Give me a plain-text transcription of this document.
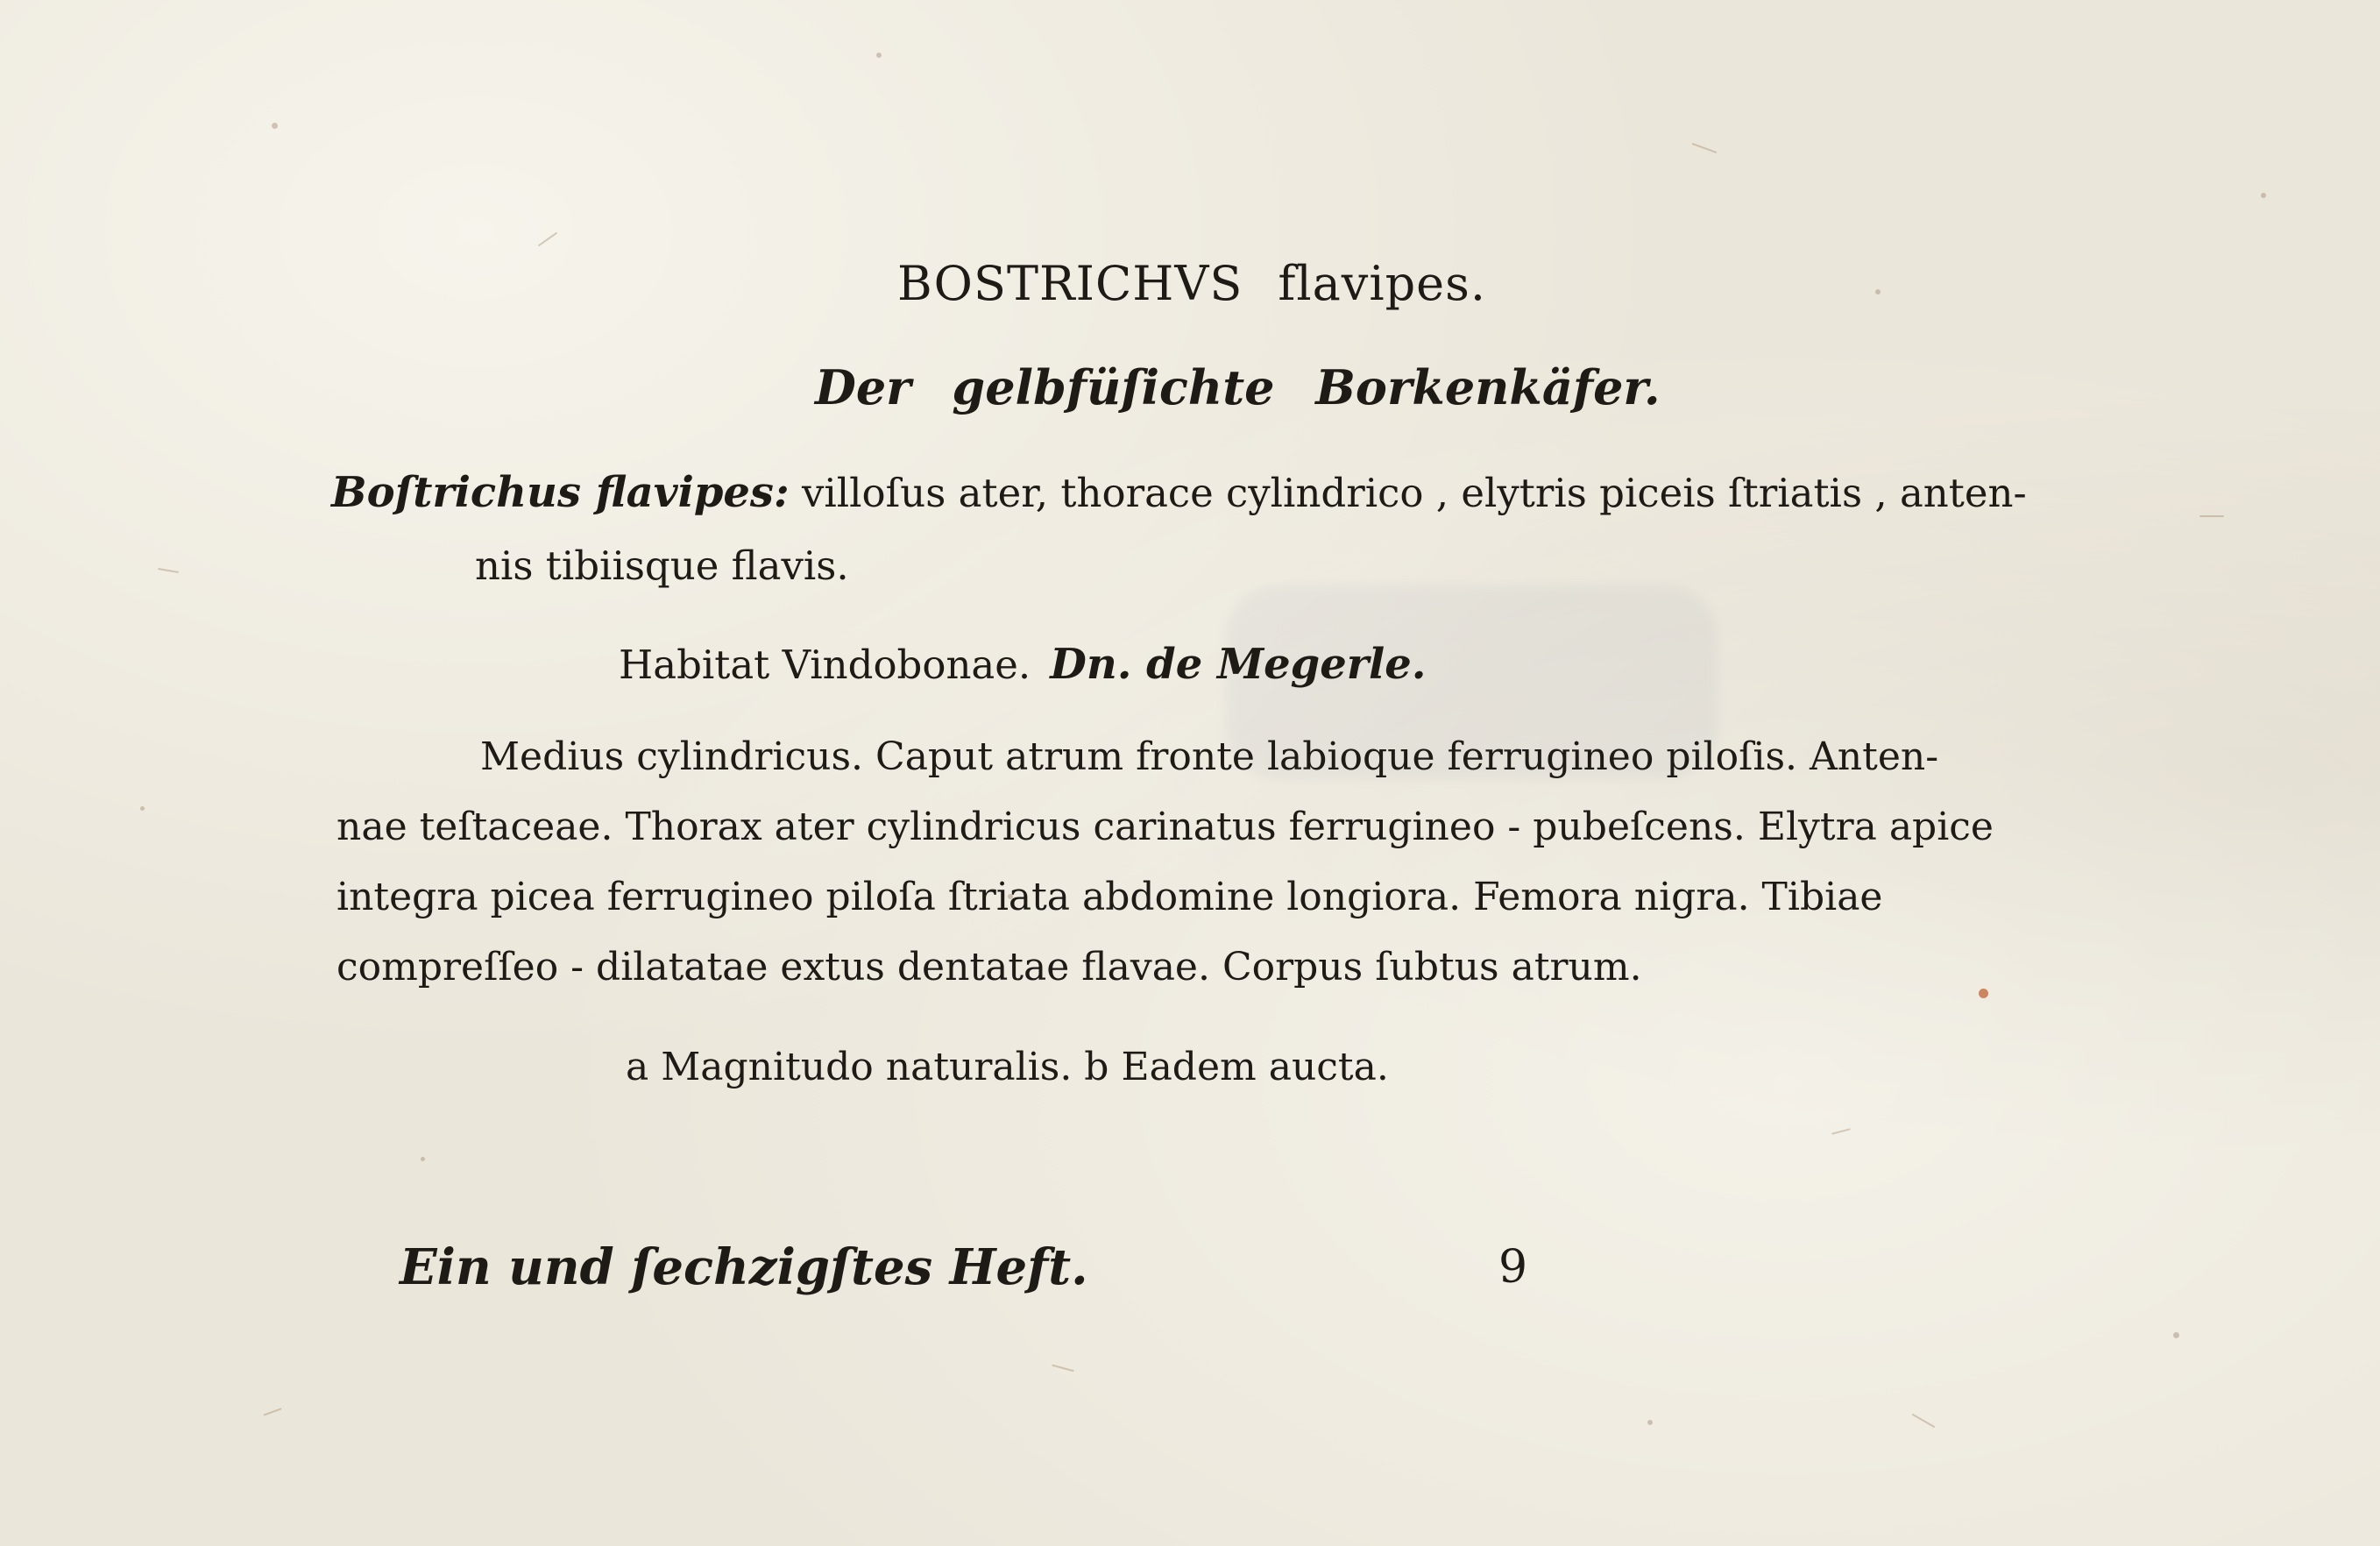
BOSTRICHVS flavipes.
Der gelbfüſichte Borkenkäfer.
Boſtrichus flavipes: villoſus ater, thorace cylindrico , elytris piceis ſtriatis , anten-
nis tibiisque flavis.
Habitat Vindobonae. Dn. de Megerle.
Medius cylindricus. Caput atrum fronte labioque ferrugineo piloſis. Anten-
nae teſtaceae. Thorax ater cylindricus carinatus ferrugineo - pubeſcens. Elytra apice
integra picea ferrugineo piloſa ſtriata abdomine longiora. Femora nigra. Tibiae
compreſſeo - dilatatae extus dentatae flavae. Corpus ſubtus atrum.
a Magnitudo naturalis. b Eadem aucta.
Ein und ſechzigſtes Heft.	9
